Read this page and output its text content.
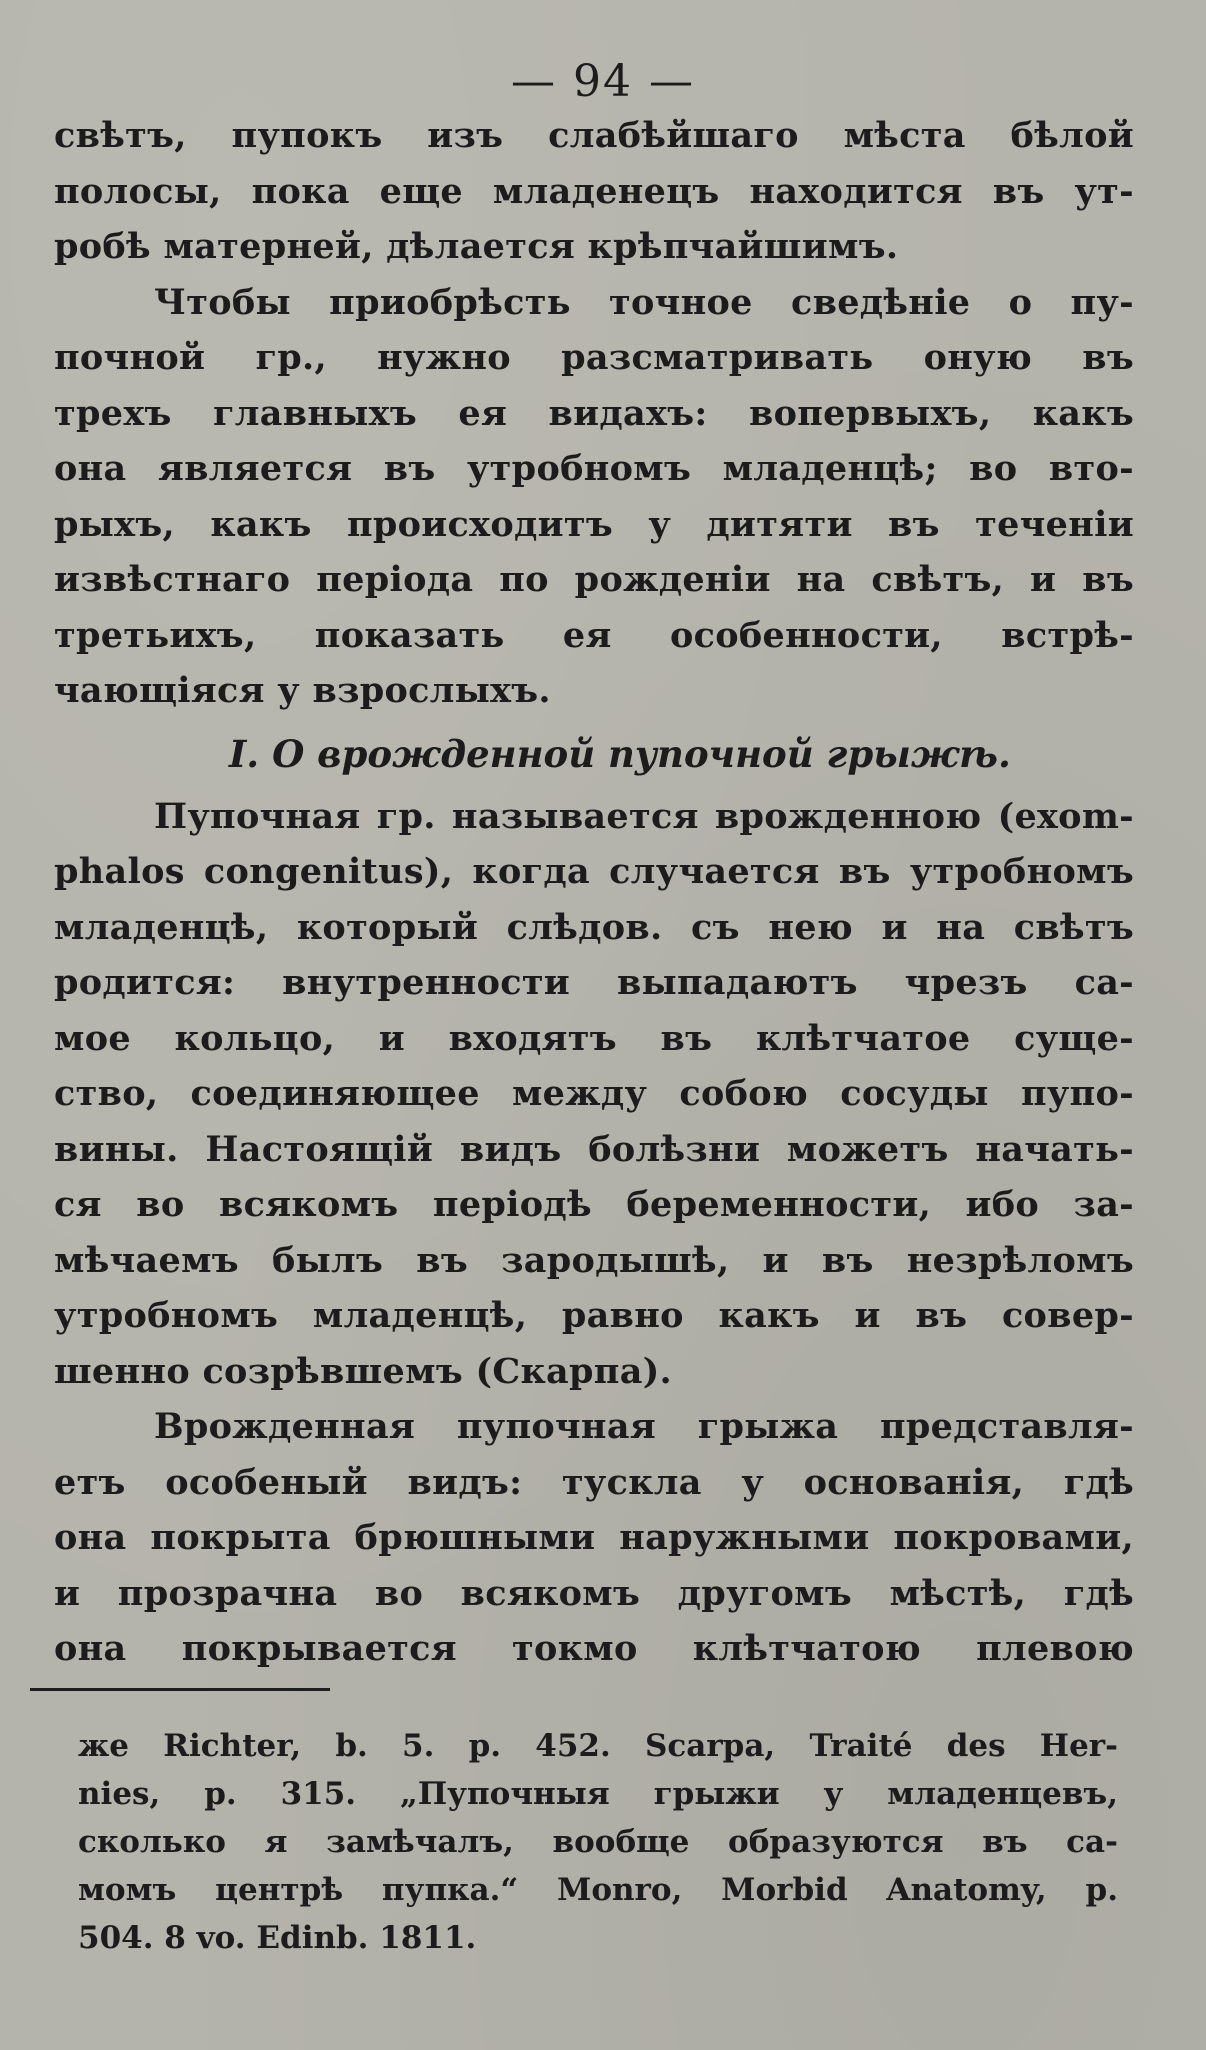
— 94 —
свѣтъ, пупокъ изъ слабѣйшаго мѣста бѣлой
полосы, пока еще младенецъ находится въ ут-
робѣ матерней, дѣлается крѣпчайшимъ.
Чтобы приобрѣсть точное сведѣніе о пу-
почной гр., нужно разсматривать оную въ
трехъ главныхъ ея видахъ: вопервыхъ, какъ
она является въ утробномъ младенцѣ; во вто-
рыхъ, какъ происходитъ у дитяти въ теченіи
извѣстнаго періода по рожденіи на свѣтъ, и въ
третьихъ, показать ея особенности, встрѣ-
чающіяся у взрослыхъ.
I. О врожденной пупочной грыжѣ.
Пупочная гр. называется врожденною (exom-
phalos congenitus), когда случается въ утробномъ
младенцѣ, который слѣдов. съ нею и на свѣтъ
родится: внутренности выпадаютъ чрезъ са-
мое кольцо, и входятъ въ клѣтчатое суще-
ство, соединяющее между собою сосуды пупо-
вины. Настоящій видъ болѣзни можетъ начать-
ся во всякомъ періодѣ беременности, ибо за-
мѣчаемъ былъ въ зародышѣ, и въ незрѣломъ
утробномъ младенцѣ, равно какъ и въ совер-
шенно созрѣвшемъ (Скарпа).
Врожденная пупочная грыжа представля-
етъ особеный видъ: тускла у основанія, гдѣ
она покрыта брюшными наружными покровами,
и прозрачна во всякомъ другомъ мѣстѣ, гдѣ
она покрывается токмо клѣтчатою плевою
же Richter, b. 5. p. 452. Scarpa, Traité des Her-
nies, p. 315. „Пупочныя грыжи у младенцевъ,
сколько я замѣчалъ, вообще образуются въ са-
момъ центрѣ пупка.“ Monro, Morbid Anatomy, p.
504. 8 vo. Edinb. 1811.
